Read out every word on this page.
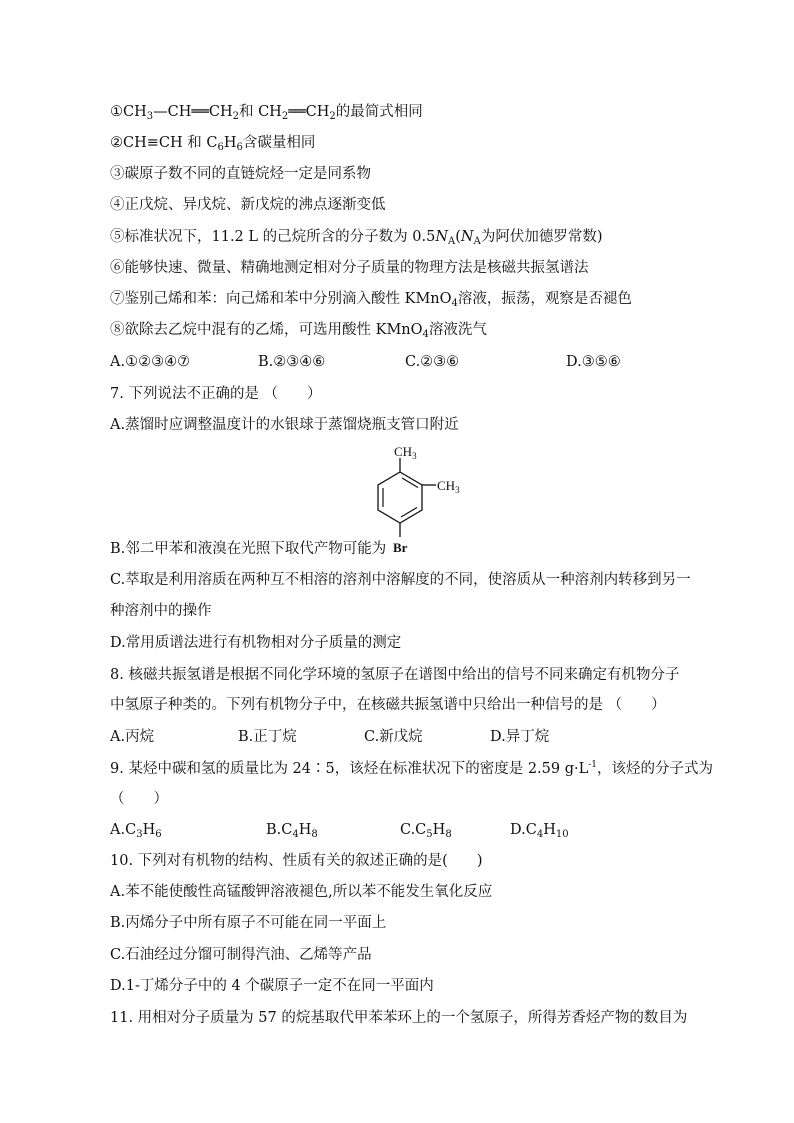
$①CH_3—CH══CH_2$和 $CH_2══CH_2$的最简式相同
②CH≡CH 和 $C_6H_6$含碳量相同
③碳原子数不同的直链烷烃一定是同系物
④正戊烷、异戊烷、新戊烷的沸点逐渐变低
⑤标准状况下，11.2 L 的己烷所含的分子数为 $0.5N_A(N_A$为阿伏加德罗常数)
⑥能够快速、微量、精确地测定相对分子质量的物理方法是核磁共振氢谱法
⑦鉴别己烯和苯：向己烯和苯中分别滴入酸性 KMnO$_4$溶液，振荡，观察是否褪色
⑧欲除去乙烷中混有的乙烯，可选用酸性 KMnO$_4$溶液洗气
A.①②③④⑦	B.②③④⑥	C.②③⑥	D.③⑤⑥
7. 下列说法不正确的是 （　　）
A.蒸馏时应调整温度计的水银球于蒸馏烧瓶支管口附近
$CH_3$
$CH_3$
Br
B.邻二甲苯和液溴在光照下取代产物可能为
C.萃取是利用溶质在两种互不相溶的溶剂中溶解度的不同，使溶质从一种溶剂内转移到另一
种溶剂中的操作
D.常用质谱法进行有机物相对分子质量的测定
8. 核磁共振氢谱是根据不同化学环境的氢原子在谱图中给出的信号不同来确定有机物分子
中氢原子种类的。下列有机物分子中，在核磁共振氢谱中只给出一种信号的是 （　　）
A.丙烷	B.正丁烷	C.新戊烷	D.异丁烷
9. 某烃中碳和氢的质量比为 24∶5，该烃在标准状况下的密度是 2.59 $g\cdot L^{-1}$，该烃的分子式为
（　　）
$A.C_3H_6$	$B.C_4H_8$	$C.C_5H_8$	$D.C_4H_{10}$
10. 下列对有机物的结构、性质有关的叙述正确的是(　　)
A.苯不能使酸性高锰酸钾溶液褪色,所以苯不能发生氧化反应
B.丙烯分子中所有原子不可能在同一平面上
C.石油经过分馏可制得汽油、乙烯等产品
D.1-丁烯分子中的 4 个碳原子一定不在同一平面内
11. 用相对分子质量为 57 的烷基取代甲苯苯环上的一个氢原子，所得芳香烃产物的数目为
